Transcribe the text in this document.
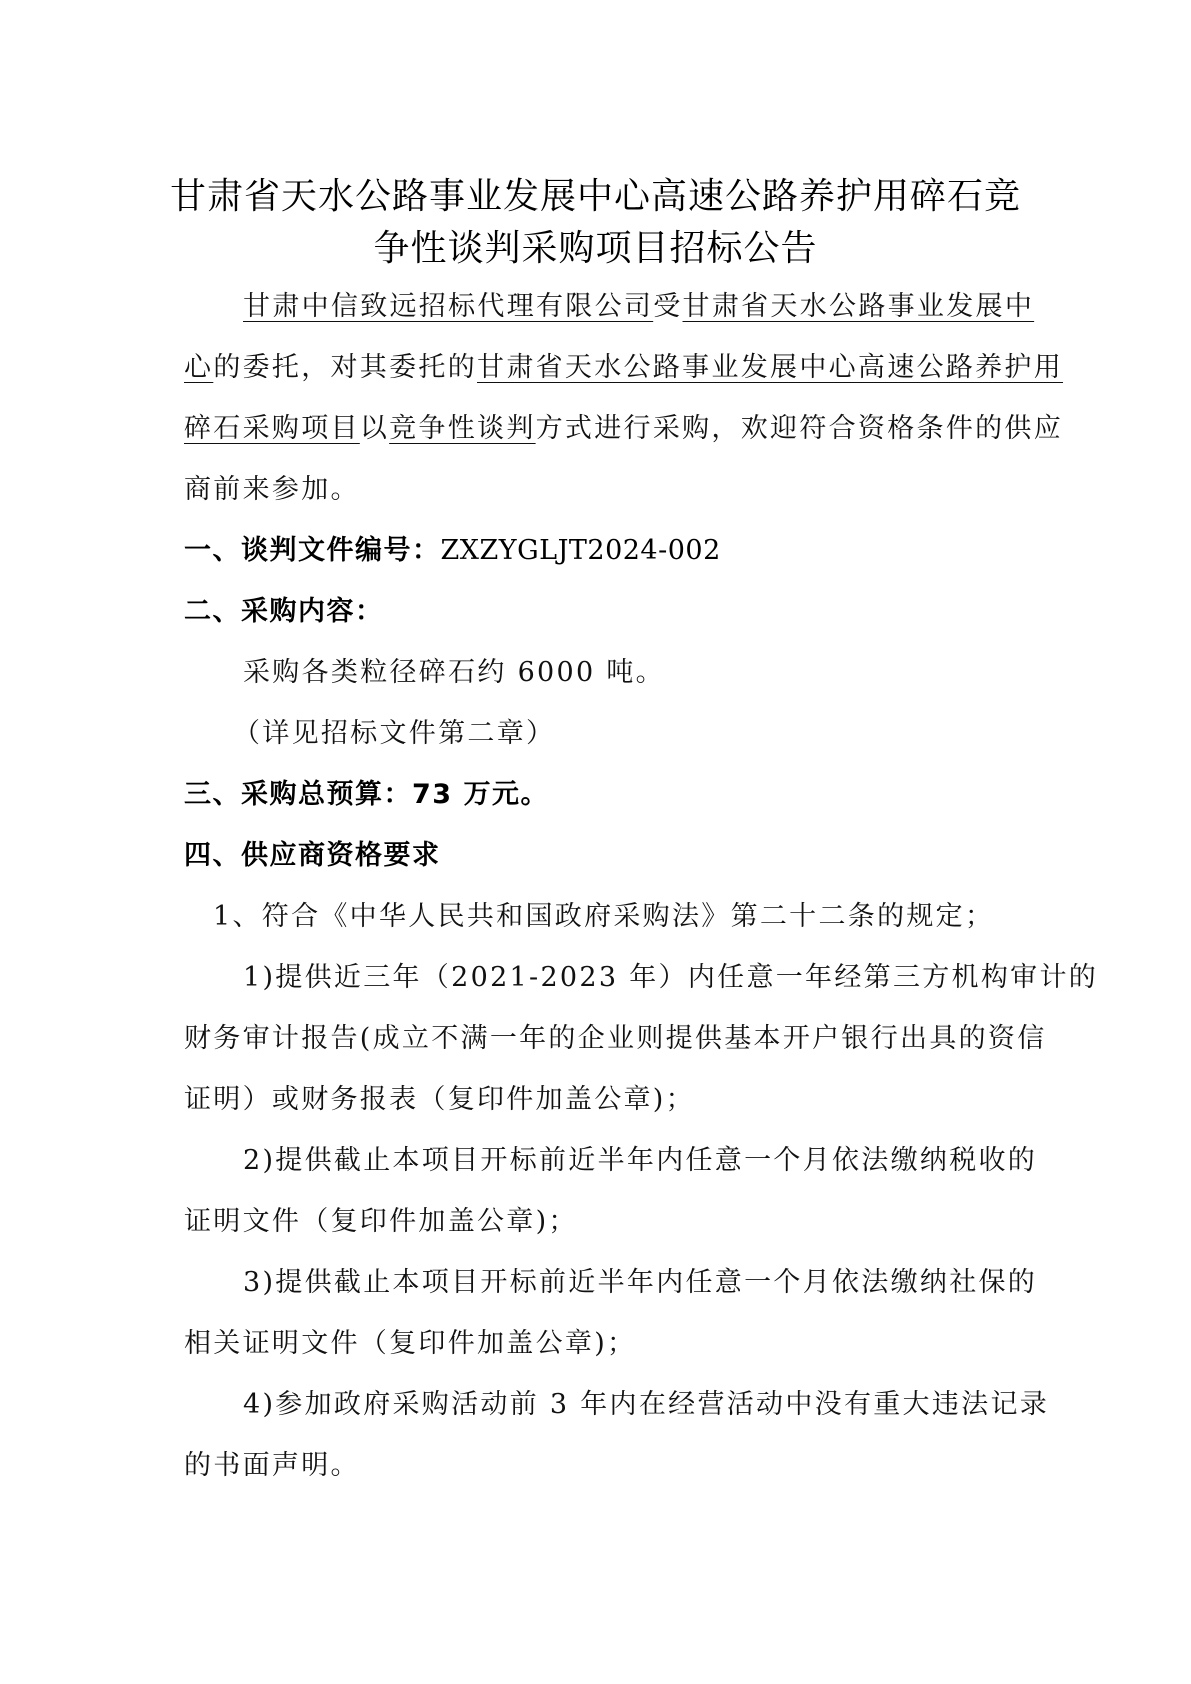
甘肃省天水公路事业发展中心高速公路养护用碎石竞
争性谈判采购项目招标公告
甘肃中信致远招标代理有限公司受甘肃省天水公路事业发展中
心的委托，对其委托的甘肃省天水公路事业发展中心高速公路养护用
碎石采购项目以竞争性谈判方式进行采购，欢迎符合资格条件的供应
商前来参加。
一、谈判文件编号：ZXZYGLJT2024-002
二、采购内容：
采购各类粒径碎石约 6000 吨。
（详见招标文件第二章）
三、采购总预算：73 万元。
四、供应商资格要求
1、符合《中华人民共和国政府采购法》第二十二条的规定；
1)提供近三年（2021-2023 年）内任意一年经第三方机构审计的
财务审计报告(成立不满一年的企业则提供基本开户银行出具的资信
证明）或财务报表（复印件加盖公章)；
2)提供截止本项目开标前近半年内任意一个月依法缴纳税收的
证明文件（复印件加盖公章)；
3)提供截止本项目开标前近半年内任意一个月依法缴纳社保的
相关证明文件（复印件加盖公章)；
4)参加政府采购活动前 3 年内在经营活动中没有重大违法记录
的书面声明。
